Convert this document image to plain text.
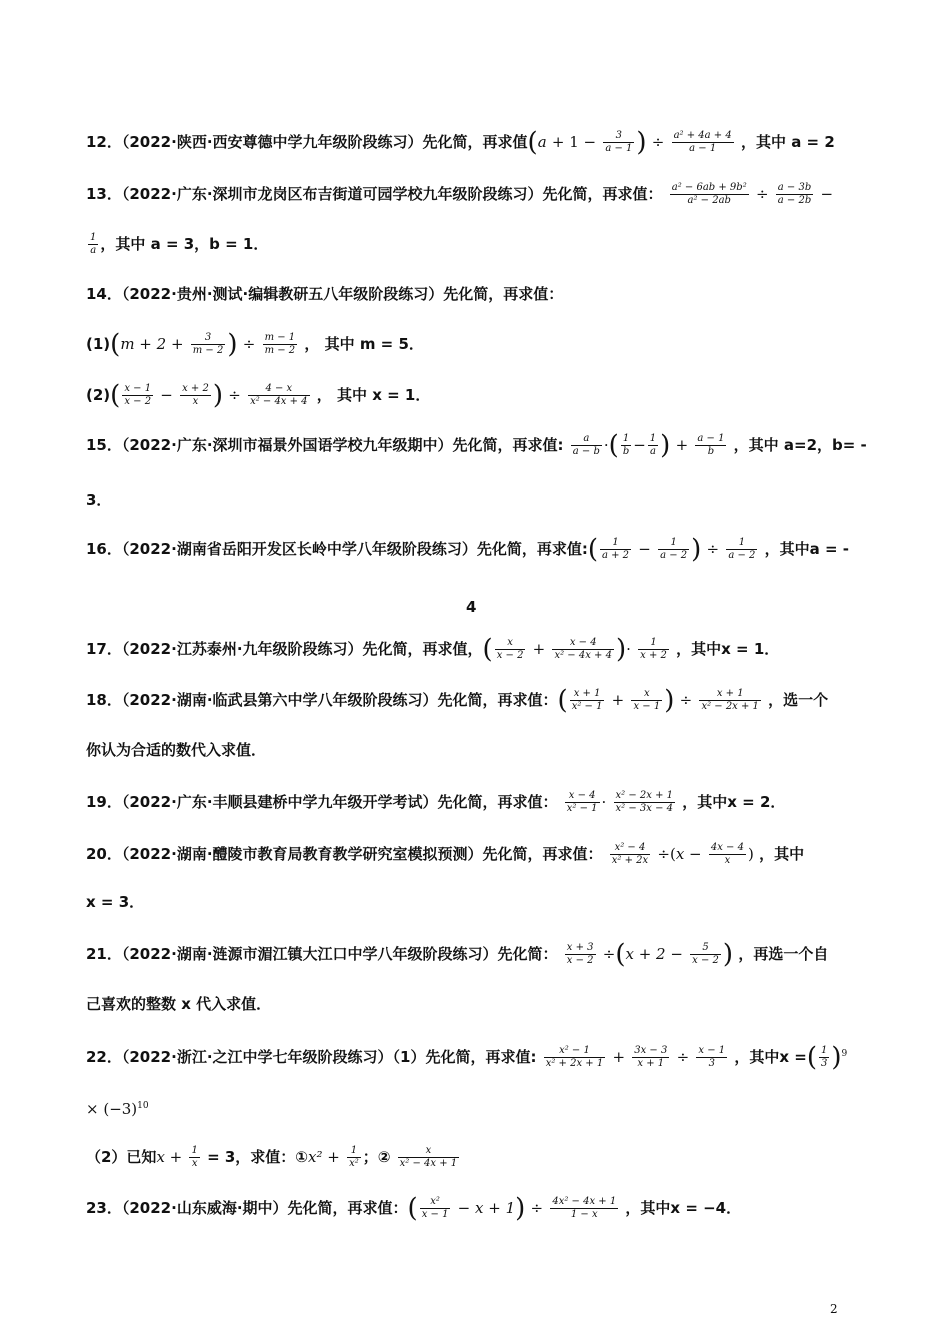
12．（2022·陕西·西安尊德中学九年级阶段练习）先化简，再求值($a + 1 - \frac{3}{a - 1}$ ) ÷ $\frac{\text{a² + 4a + 4}}{a - 1}$ ，其中 a = 2
13．（2022·广东·深圳市龙岗区布吉街道可园学校九年级阶段练习）先化简，再求值： $\frac{\text{a² − 6ab + 9b²}}{\text{a² − 2ab}} \div \frac{a - 3b}{a - 2b}$ −
$\frac{1}{a}$ ，其中 a = 3，b = 1．
14．（2022·贵州·测试·编辑教研五八年级阶段练习）先化简，再求值：
$(1)(m + 2 + \frac{3}{m - 2}$ ) ÷ $\frac{m - 1}{m - 2}$ ， 其中 m = 5．
$(2)( \frac{x - 1}{x - 2} - \frac{x + 2}{x}$ ) ÷ $\frac{4 - x}{\text{x² − 4x + 4}}$ ， 其中 x = 1．
15．（2022·广东·深圳市福景外国语学校九年级期中）先化简，再求值: $\frac{a}{a - b}$ ·( $\frac{1}{b} - \frac{1}{a}$ ) + $\frac{a - 1}{b}$ ，其中 a=2，b= -
3．
16．（2022·湖南省岳阳开发区长岭中学八年级阶段练习）先化简，再求值:( $\frac{1}{a + 2} - \frac{1}{a - 2}$ ) ÷ $\frac{1}{a - 2}$ ，其中a = -
4
17．（2022·江苏泰州·九年级阶段练习）先化简，再求值，( $\frac{x}{x - 2} + \frac{x - 4}{\text{x² − 4x + 4}}$ )· $\frac{1}{x + 2}$ ，其中x = 1．
18．（2022·湖南·临武县第六中学八年级阶段练习）先化简，再求值：( $\frac{x + 1}{\text{x² − 1}} + \frac{x}{x - 1}$ ) ÷ $\frac{x + 1}{\text{x² − 2x + 1}}$ ，选一个
你认为合适的数代入求值．
19．（2022·广东·丰顺县建桥中学九年级开学考试）先化简，再求值： $\frac{x - 4}{\text{x² − 1}} \cdot \frac{\text{x² − 2x + 1}}{\text{x² − 3x − 4}}$ ，其中x = 2．
20．（2022·湖南·醴陵市教育局教育教学研究室模拟预测）先化简，再求值： $\frac{\text{x² − 4}}{\text{x² + 2x}} \div(x - \frac{4x - 4}{x}$ ) ，其中
x = 3．
21．（2022·湖南·涟源市湄江镇大江口中学八年级阶段练习）先化简： $\frac{x + 3}{x - 2} \div(x + 2 - \frac{5}{x - 2}$ ) ，再选一个自
己喜欢的整数 x 代入求值．
22．（2022·浙江·之江中学七年级阶段练习）（1）先化简，再求值: $\frac{\text{x² − 1}}{\text{x² + 2x + 1}} + \frac{3x - 3}{x + 1} \div \frac{x - 1}{3}$ ，其中x =( $\frac{1}{3} )^9$
× $(-3)^{10}$
（2）已知$x + \frac{1}{x} = 3$，求值：①x² + $\frac{1}{\text{x²}}$ ；② $\frac{x}{\text{x² − 4x + 1}}$
23．（2022·山东威海·期中）先化简，再求值：( $\frac{\text{x²}}{x - 1} - x + 1) \div \frac{\text{4x² − 4x + 1}}{1 - x}$ ，其中x = −4．
2
